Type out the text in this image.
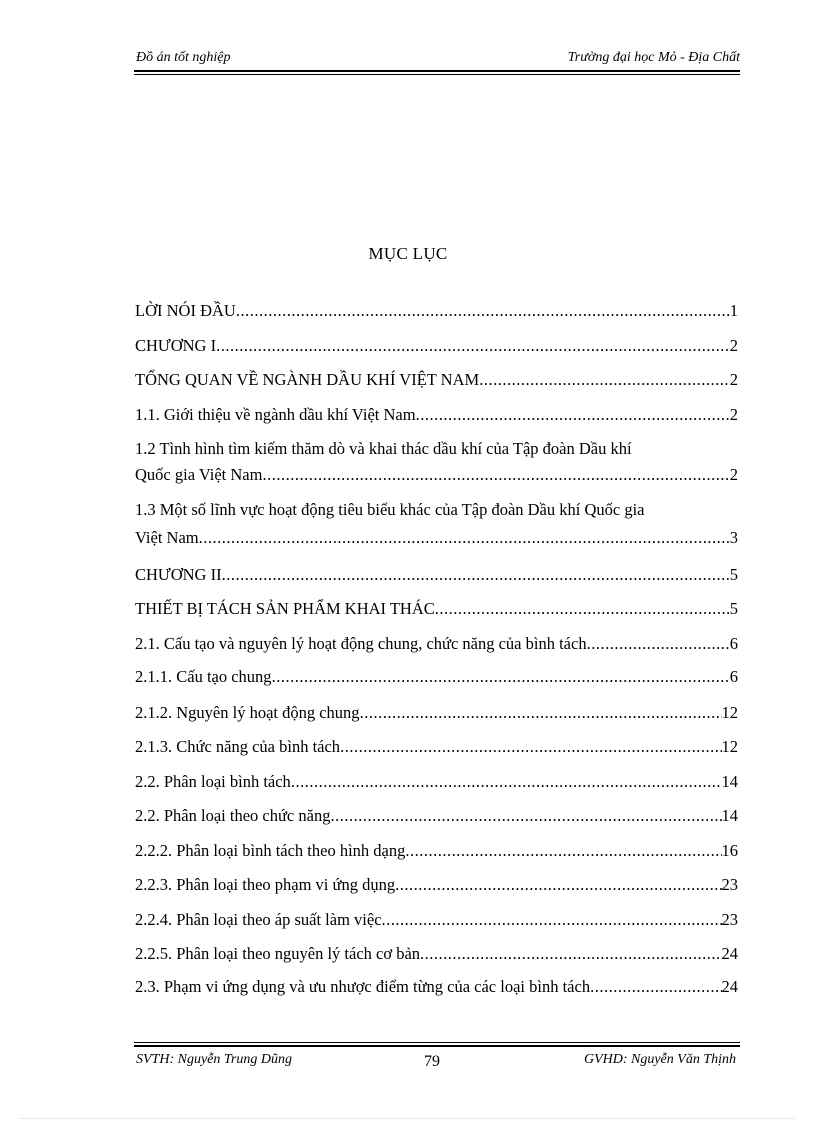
Đồ án tốt nghiệp	Trường đại học Mỏ - Địa Chất
MỤC LỤC
LỜI NÓI ĐẦU .....	1
CHƯƠNG I .....	2
TỔNG QUAN VỀ NGÀNH DẦU KHÍ VIỆT NAM .....	2
1.1. Giới thiệu về ngành dầu khí Việt Nam .....	2
1.2 Tình hình tìm kiếm thăm dò và khai thác dầu khí của Tập đoàn Dầu khí
Quốc gia Việt Nam .....	2
1.3 Một số lĩnh vực hoạt động tiêu biểu khác của Tập đoàn Dầu khí Quốc gia
Việt Nam .....	3
CHƯƠNG II .....	5
THIẾT BỊ TÁCH SẢN PHẨM KHAI THÁC .....	5
2.1. Cấu tạo và nguyên lý hoạt động chung, chức năng của bình tách .....	6
2.1.1. Cấu tạo chung .....	6
2.1.2. Nguyên lý hoạt động chung .....	12
2.1.3. Chức năng của bình tách .....	12
2.2. Phân loại bình tách .....	14
2.2. Phân loại theo chức năng .....	14
2.2.2. Phân loại bình tách theo hình dạng .....	16
2.2.3. Phân loại theo phạm vi ứng dụng .....	23
2.2.4. Phân loại theo áp suất làm việc .....	23
2.2.5. Phân loại theo nguyên lý tách cơ bản .....	24
2.3. Phạm vi ứng dụng và ưu nhược điểm từng của các loại bình tách .....	24
SVTH: Nguyễn Trung Dũng	79	GVHD: Nguyễn Văn Thịnh
